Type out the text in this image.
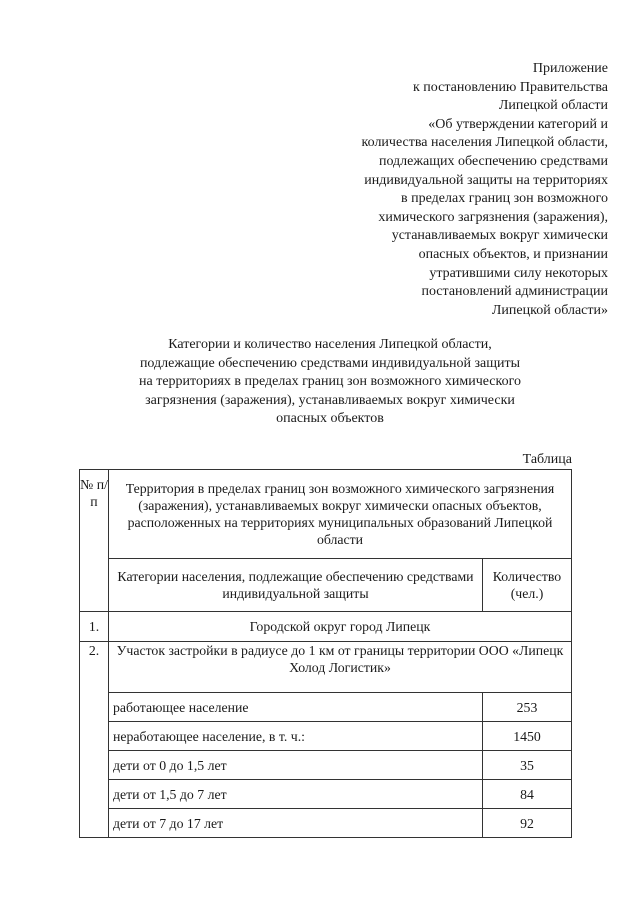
Приложение
к постановлению Правительства
Липецкой области
«Об утверждении категорий и
количества населения Липецкой области,
подлежащих обеспечению средствами
индивидуальной защиты на территориях
в пределах границ зон возможного
химического загрязнения (заражения),
устанавливаемых вокруг химически
опасных объектов, и признании
утратившими силу некоторых
постановлений администрации
Липецкой области»
Категории и количество населения Липецкой области,
подлежащие обеспечению средствами индивидуальной защиты
на территориях в пределах границ зон возможного химического
загрязнения (заражения), устанавливаемых вокруг химически
опасных объектов
Таблица
№ п/п	Территория в пределах границ зон возможного химического загрязнения (заражения), устанавливаемых вокруг химически опасных объектов, расположенных на территориях муниципальных образований Липецкой области	
	Категории населения, подлежащие обеспечению средствами индивидуальной защиты	Количество (чел.)
1.	Городской округ город Липецк	
2.	Участок застройки в радиусе до 1 км от границы территории ООО «Липецк Холод Логистик»	
	работающее население	253
	неработающее население, в т. ч.:	1450
	дети от 0 до 1,5 лет	35
	дети от 1,5 до 7 лет	84
	дети от 7 до 17 лет	92
